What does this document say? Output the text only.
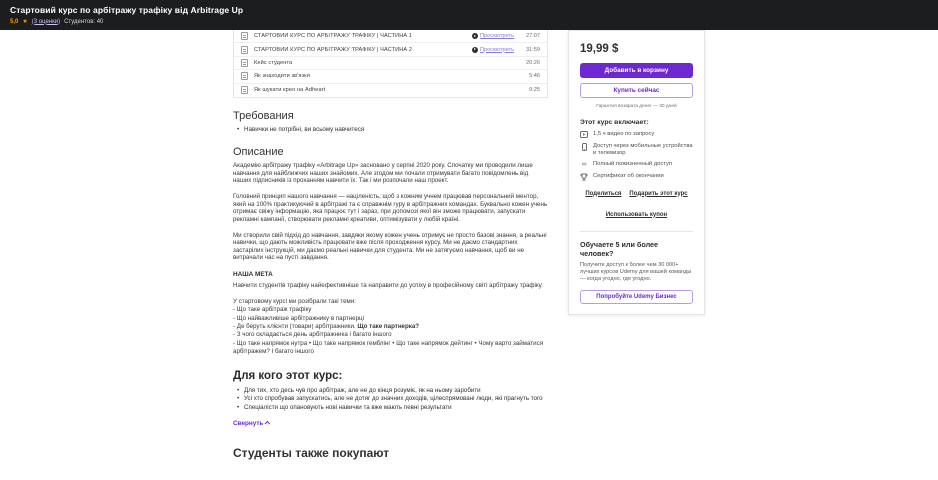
Стартовий курс по арбітражу трафіку від Arbitrage Up
5,0 ★ (3 оценки) Студентов: 40
СТАРТОВИЙ КУРС ПО АРБІТРАЖУ ТРАФІКУ | ЧАСТИНА 1	Просмотреть	27:07
СТАРТОВИЙ КУРС ПО АРБІТРАЖУ ТРАФІКУ | ЧАСТИНА 2	Просмотреть	31:59
Кейс студента	20:26
Як знаходити зв'язки	5:46
Як шукати крео на Adheart	9:25
Требования
• Навички не потрібні, ви всьому навчитеся
Описание

Академію арбітражу трафіку «Arbitrage Up» засновано у серпні 2020 року. Спочатку ми проводили лише навчання для найближчих наших знайомих. Але згодом ми почали отримувати багато повідомлень від наших підписників із проханням навчити їх. Так і ми розпочали наш проект.

Головний принцип нашого навчання — націленість, щоб з кожним учнем працював персональний ментор, який на 100% практикуючий в арбітражі та є справжнім гуру в арбітражних командах. Буквально кожен учень отримає свіжу інформацію, яка працює тут і зараз, при допомозі якої він зможе працювати, запускати рекламні кампанії, створювати рекламні креативи, оптимізувати у любій країні.

Ми створили свій підхід до навчання, завдяки якому кожен учень отримує не просто базові знання, а реальні навички, що дають можливість працювати вже після проходження курсу. Ми не даємо стандартних застарілих інструкцій, ми даємо реальні навички для студента. Ми не затягуємо навчання, щоб ви не витрачали час на пусті завдання.

НАША МЕТА

Навчити студентів трафіку найефективніше та направити до успіху в професійному світі арбітражу трафіку.

У стартовому курсі ми розібрали такі теми:
- Що таке арбітраж трафіку
- Що найважливіше арбітражнику в партнерці
- Де беруть клієнти (товари) арбітражники. Що таке партнерка?
- З чого складається день арбітражника і багато іншого
- Що таке напрямок нутра • Що таке напрямок гемблінг • Що таке напрямок дейтинг • Чому варто займатися арбітражем? І багато іншого
Для кого этот курс:
• Для тих, хто десь чув про арбітраж, але не до кінця розуміє, як на ньому заробити
• Усі хто спробував запускатись, але не дотяг до значних доходів, цілеспрямовані люди, які прагнуть того
• Спеціалісти що опановують нові навички та вже мають певні результати
Свернуть
Студенты также покупают
19,99 $
Добавить в корзину
Купить сейчас
Гарантия возврата денег — 30 дней
Этот курс включает:
1,5 ч видео по запросу
Доступ через мобильные устройства и телевизор
∞ Полный пожизненный доступ
Сертификат об окончании
Поделиться Подарить этот курс
Использовать купон
Обучаете 5 или более человек?
Получите доступ к более чем 30 000+ лучших курсов Udemy для вашей команды — когда угодно, где угодно.
Попробуйте Udemy Бизнес
